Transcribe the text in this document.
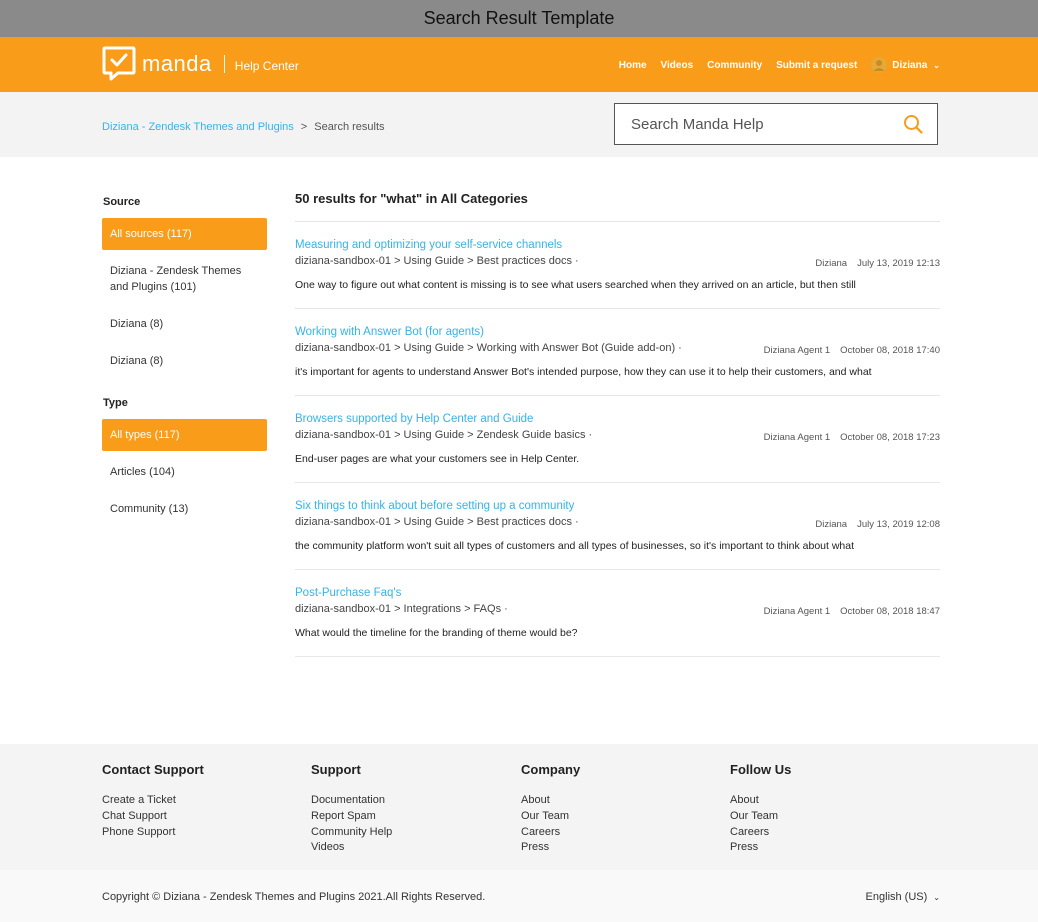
Search Result Template
manda Help Center	Home Videos Community Submit a request	Diziana ⌄
Diziana - Zendesk Themes and Plugins > Search results
Search Manda Help
Source
All sources (117)
Diziana - Zendesk Themes and Plugins (101)
Diziana (8)
Diziana (8)
Type
All types (117)
Articles (104)
Community (13)
50 results for "what" in All Categories
Measuring and optimizing your self-service channels
diziana-sandbox-01 > Using Guide > Best practices docs ·	Diziana July 13, 2019 12:13
One way to figure out what content is missing is to see what users searched when they arrived on an article, but then still
Working with Answer Bot (for agents)
diziana-sandbox-01 > Using Guide > Working with Answer Bot (Guide add-on) ·	Diziana Agent 1 October 08, 2018 17:40
it's important for agents to understand Answer Bot's intended purpose, how they can use it to help their customers, and what
Browsers supported by Help Center and Guide
diziana-sandbox-01 > Using Guide > Zendesk Guide basics ·	Diziana Agent 1 October 08, 2018 17:23
End-user pages are what your customers see in Help Center.
Six things to think about before setting up a community
diziana-sandbox-01 > Using Guide > Best practices docs ·	Diziana July 13, 2019 12:08
the community platform won't suit all types of customers and all types of businesses, so it's important to think about what
Post-Purchase Faq's
diziana-sandbox-01 > Integrations > FAQs ·	Diziana Agent 1 October 08, 2018 18:47
What would the timeline for the branding of theme would be?
Contact Support
Create a Ticket
Chat Support
Phone Support
Support
Documentation
Report Spam
Community Help
Videos
Company
About
Our Team
Careers
Press
Follow Us
About
Our Team
Careers
Press
Copyright © Diziana - Zendesk Themes and Plugins 2021.All Rights Reserved.	English (US) ⌄
